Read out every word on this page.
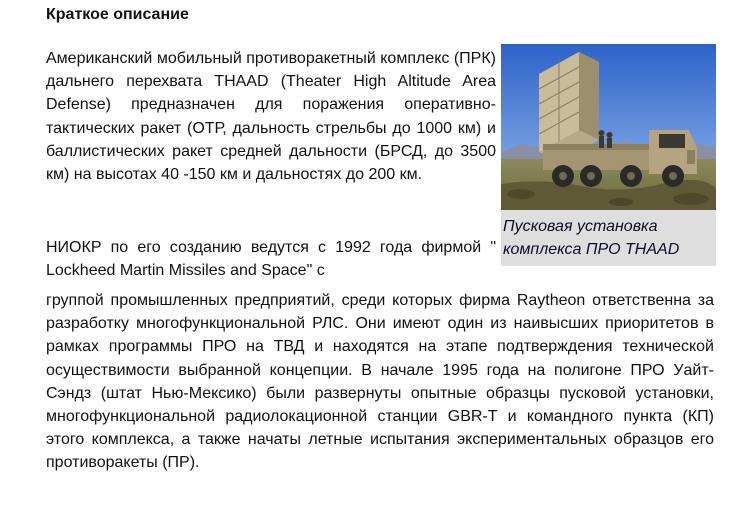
Краткое описание

Американский мобильный противоракетный комплекс (ПРК) дальнего перехвата THAAD (Theater High Altitude Area Defense) предназначен для поражения оперативно-тактических ракет (ОТР, дальность стрельбы до 1000 км) и баллистических ракет средней дальности (БРСД, до 3500 км) на высотах 40 -150 км и дальностях до 200 км.

Пусковая установка комплекса ПРО THAAD

НИОКР по его созданию ведутся с 1992 года фирмой " Lockheed Martin Missiles and Space" с

группой промышленных предприятий, среди которых фирма Raytheon ответственна за разработку многофункциональной РЛС. Они имеют один из наивысших приоритетов в рамках программы ПРО на ТВД и находятся на этапе подтверждения технической осуществимости выбранной концепции. В начале 1995 года на полигоне ПРО Уайт-Сэндз (штат Нью-Мексико) были развернуты опытные образцы пусковой установки, многофункциональной радиолокационной станции GBR-T и командного пункта (КП) этого комплекса, а также начаты летные испытания экспериментальных образцов его противоракеты (ПР).
